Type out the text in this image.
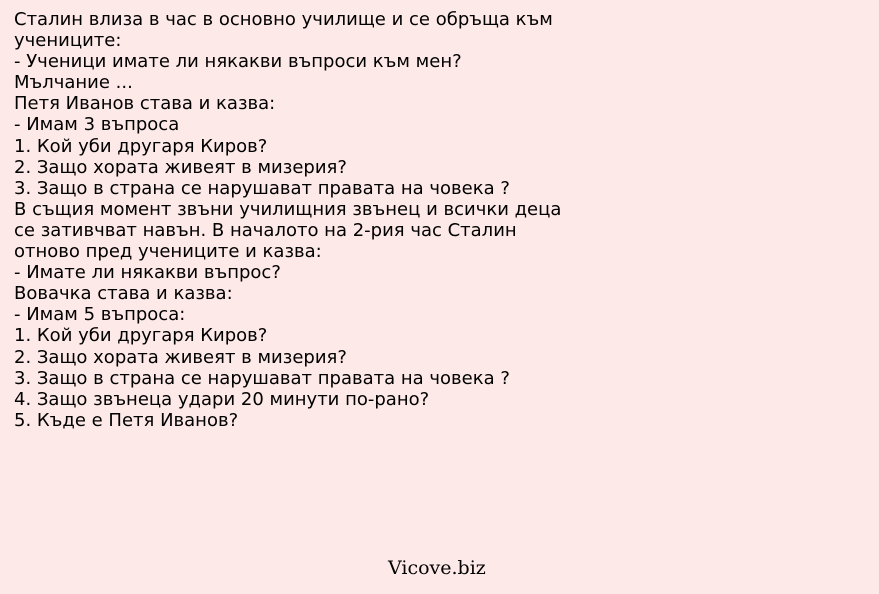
Сталин влиза в час в основно училище и се обръща към
учениците:
- Ученици имате ли някакви въпроси към мен?
Мълчание ...
Петя Иванов става и казва:
- Имам 3 въпроса
1. Кой уби другаря Киров?
2. Защо хората живеят в мизерия?
3. Защо в страна се нарушават правата на човека ?
В същия момент звъни училищния звънец и всички деца
се зативчват навън. В началото на 2-рия час Сталин
отново пред учениците и казва:
- Имате ли някакви въпрос?
Вовачка става и казва:
- Имам 5 въпроса:
1. Кой уби другаря Киров?
2. Защо хората живеят в мизерия?
3. Защо в страна се нарушават правата на човека ?
4. Защо звънеца удари 20 минути по-рано?
5. Къде е Петя Иванов?
Vicove.biz
